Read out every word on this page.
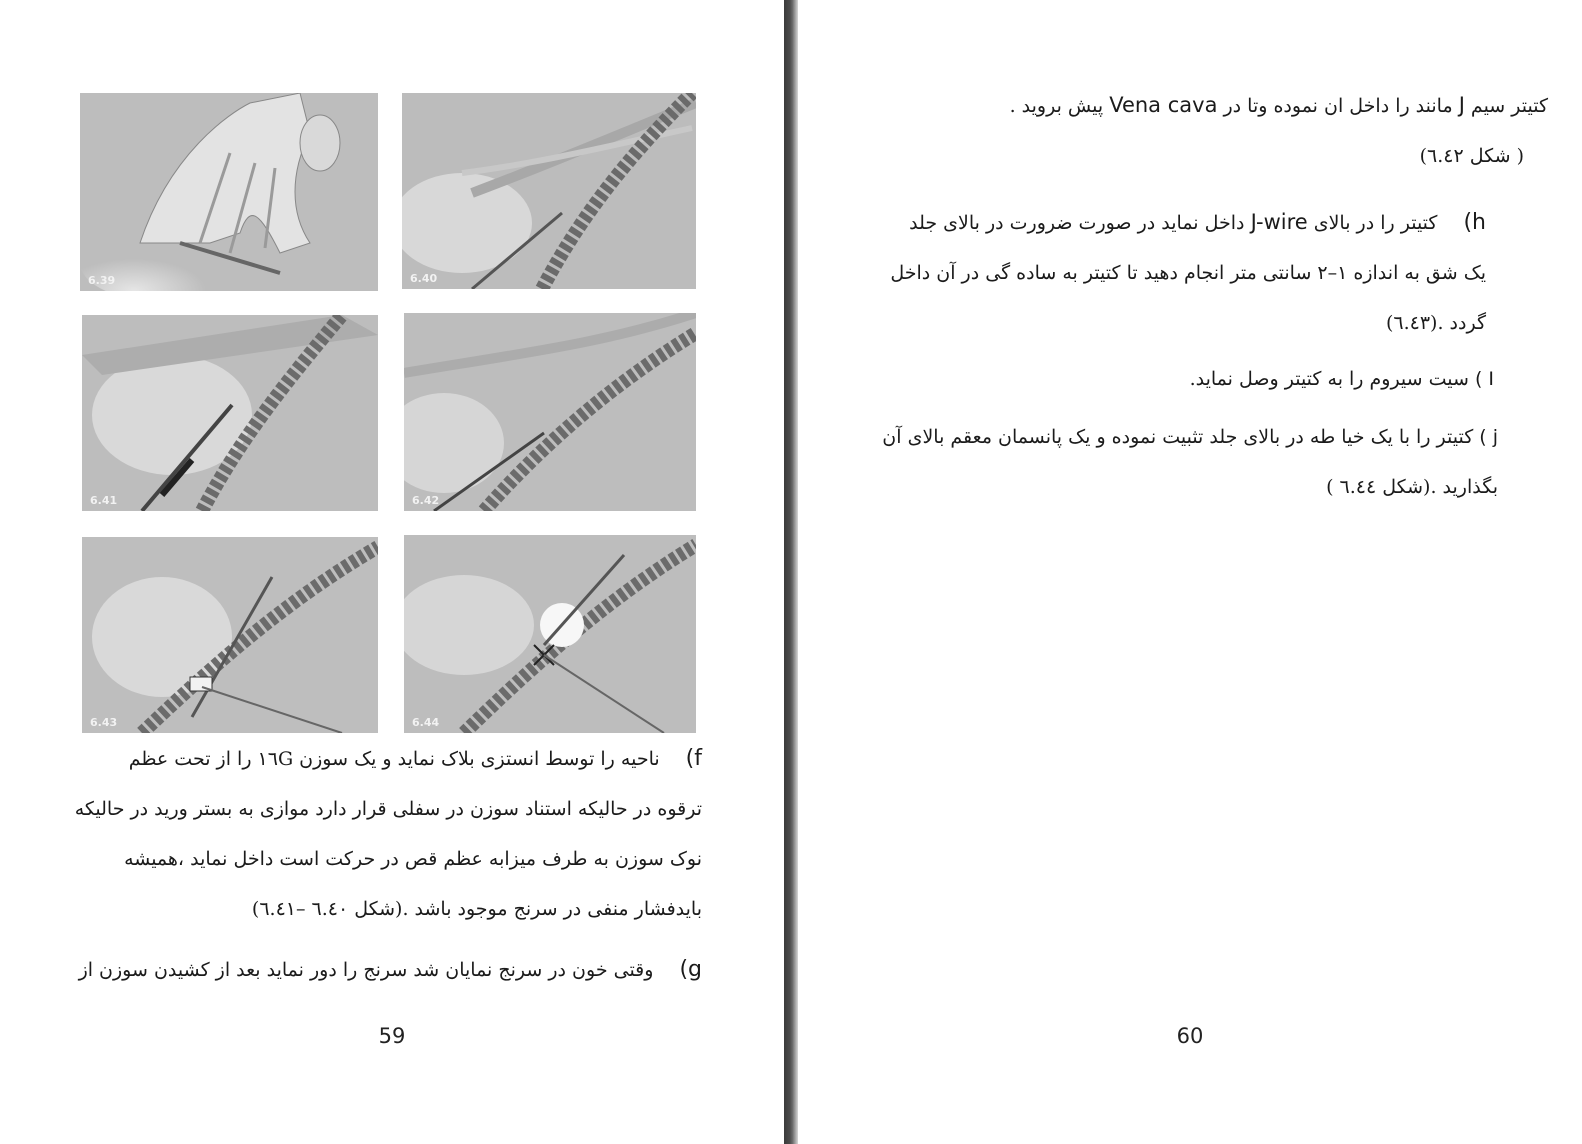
6.39	6.40
6.41	6.42
6.43	6.44
f)ناحیه را توسط انستزی بلاک نماید و یک سوزن ١٦G را از تحت عظم
ترقوه در حالیکه استناد سوزن در سفلی قرار دارد موازی به بستر ورید در حالیکه
نوک سوزن به طرف میزابه عظم قص در حرکت است داخل نماید ،همیشه
بایدفشار منفی در سرنج موجود باشد .(شکل ٦.٤٠ –٦.٤١)
g)وقتی خون در سرنج نمایان شد سرنج را دور نماید بعد از کشیدن سوزن از
59
کتیتر سیم J مانند را داخل ان نموده وتا در Vena cava پیش بروید .
( شکل ٦.٤٢)
h)کتیتر را در بالای J-wire داخل نماید در صورت ضرورت در بالای جلد
یک شق به اندازه ١–٢ سانتی متر انجام دهید تا کتیتر به ساده گی در آن داخل
گردد .(٦.٤٣)
I )سیت سیروم را به کتیتر وصل نماید.
j )کتیتر را با یک خیا طه در بالای جلد تثبیت نموده و یک پانسمان معقم بالای آن
بگذارید .(شکل ٦.٤٤ )
60
